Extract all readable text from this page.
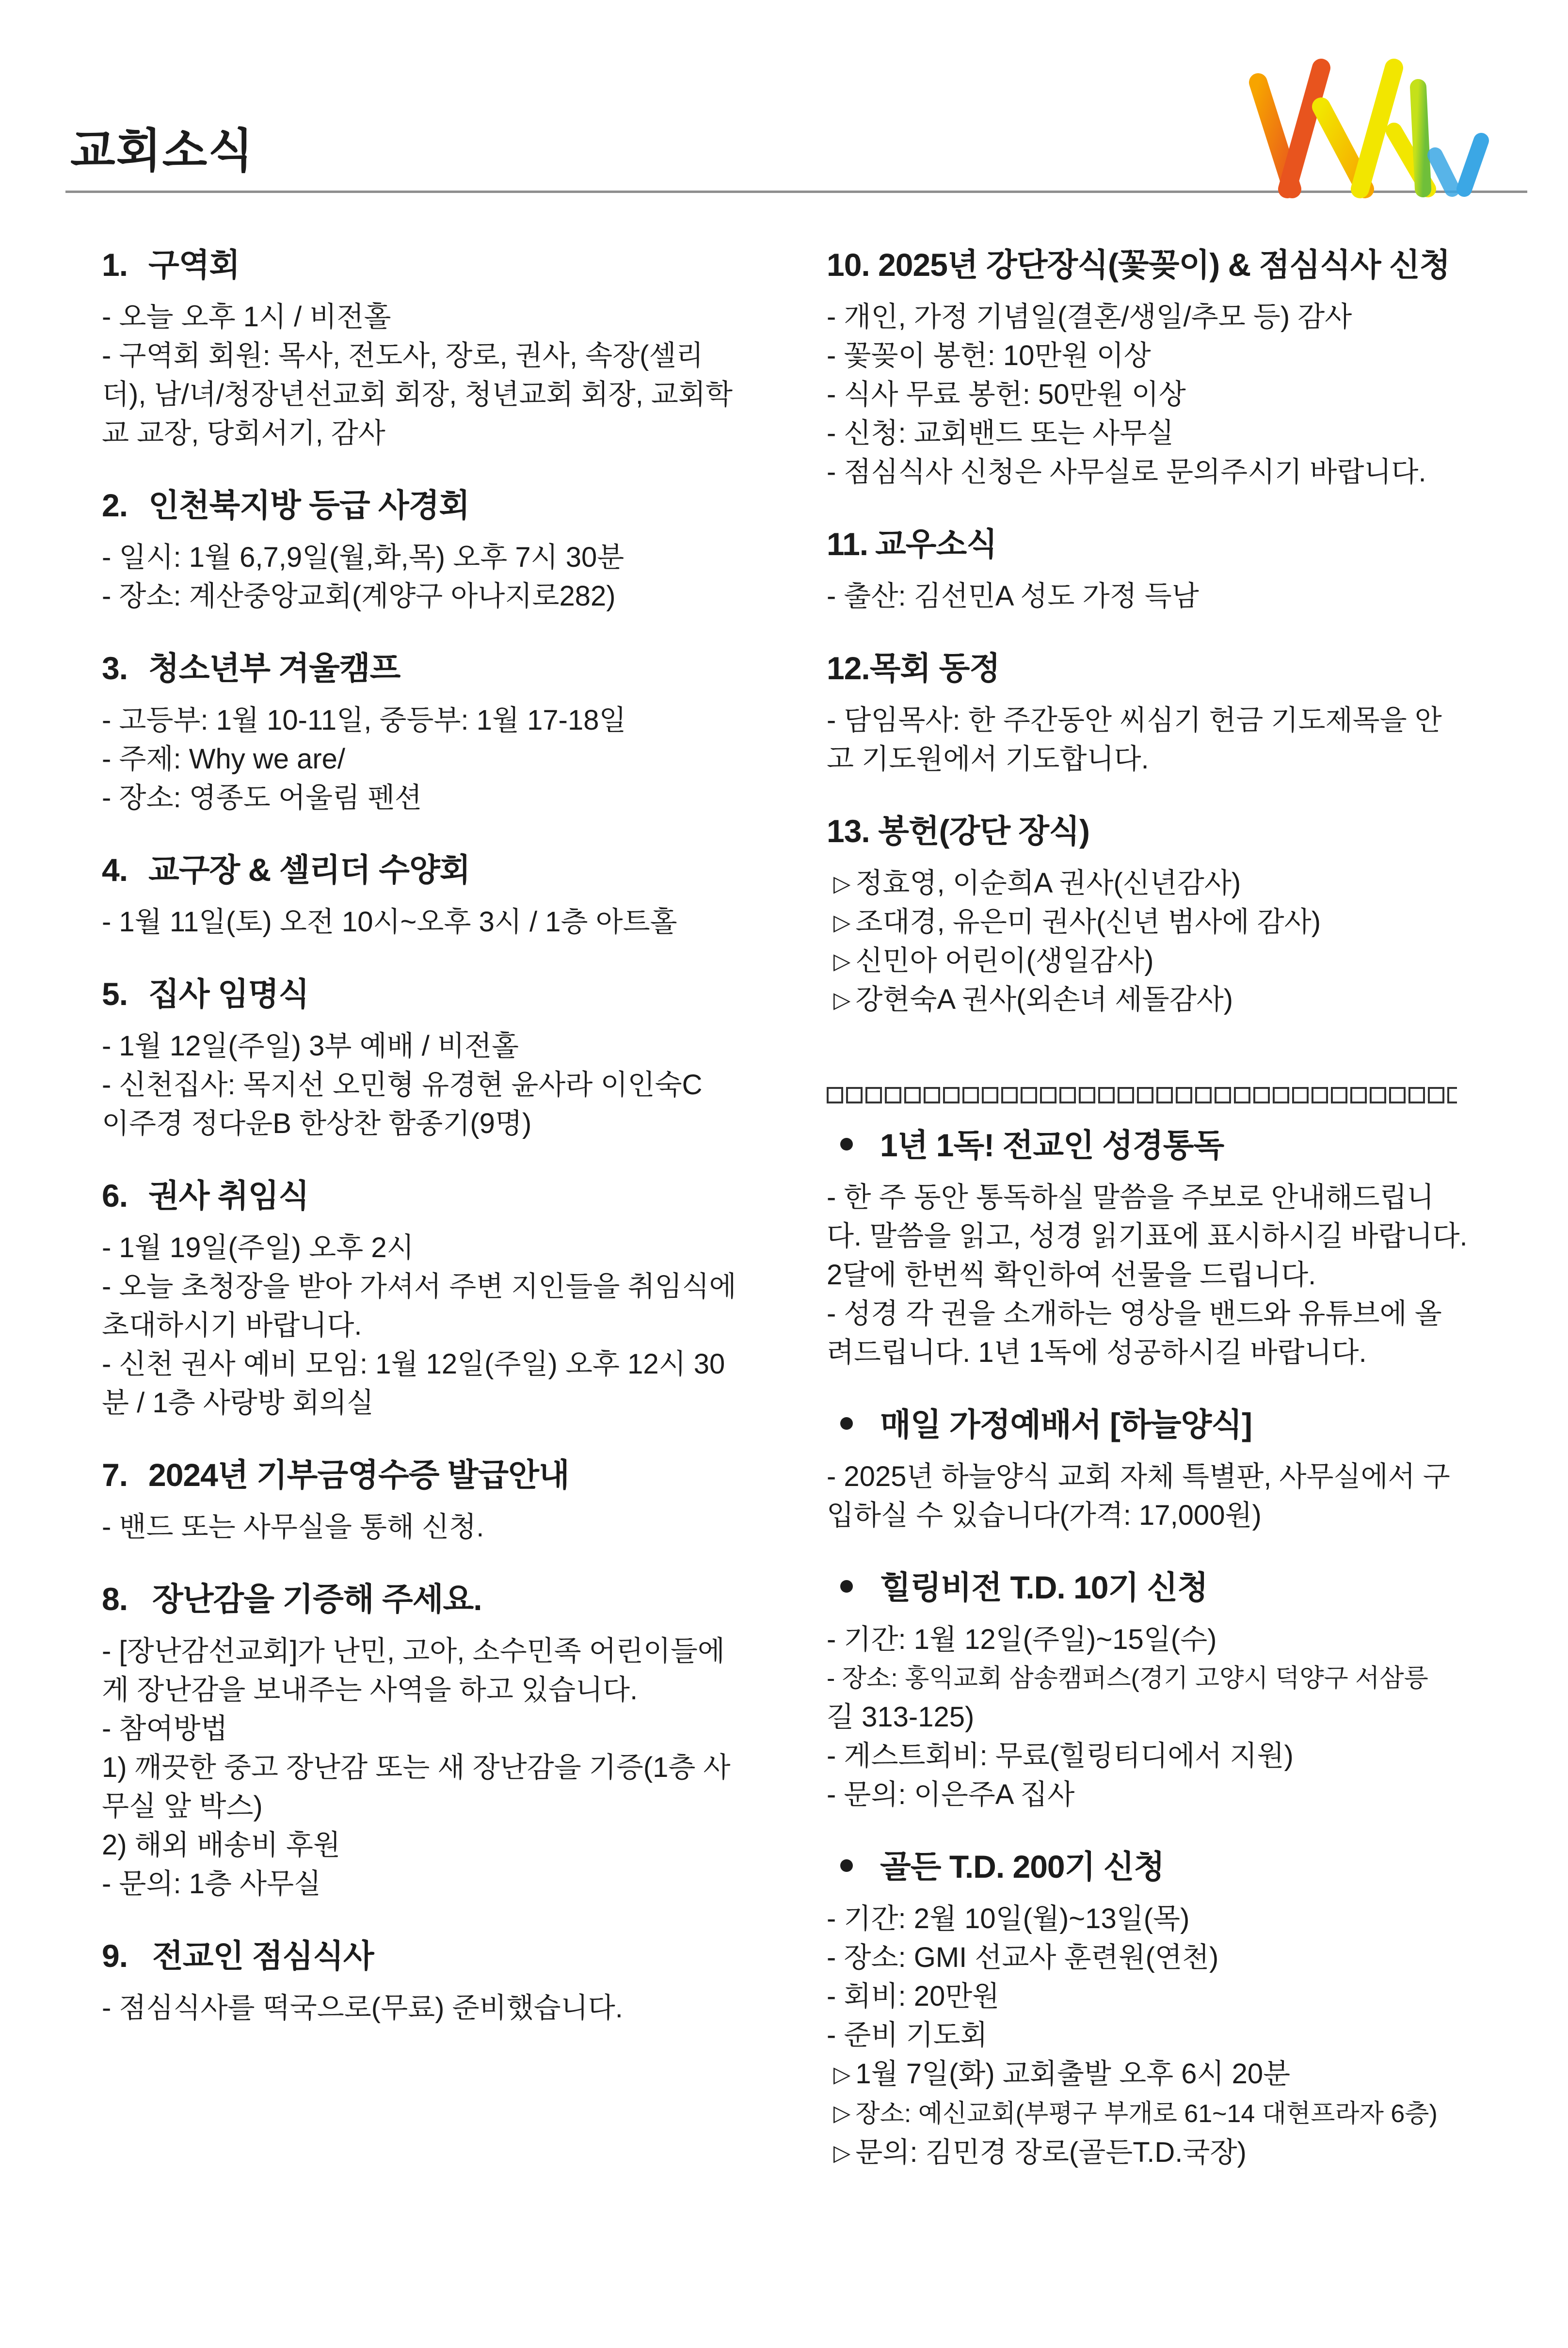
교회소식
1. 구역회
- 오늘 오후 1시 / 비전홀
- 구역회 회원: 목사, 전도사, 장로, 권사, 속장(셀리
더), 남/녀/청장년선교회 회장, 청년교회 회장, 교회학
교 교장, 당회서기, 감사
2. 인천북지방 등급 사경회
- 일시: 1월 6,7,9일(월,화,목) 오후 7시 30분
- 장소: 계산중앙교회(계양구 아나지로282)
3. 청소년부 겨울캠프
- 고등부: 1월 10-11일, 중등부: 1월 17-18일
- 주제: Why we are/
- 장소: 영종도 어울림 펜션
4. 교구장 & 셀리더 수양회
- 1월 11일(토) 오전 10시~오후 3시 / 1층 아트홀
5. 집사 임명식
- 1월 12일(주일) 3부 예배 / 비전홀
- 신천집사: 목지선 오민형 유경현 윤사라 이인숙C
이주경 정다운B 한상찬 함종기(9명)
6. 권사 취임식
- 1월 19일(주일) 오후 2시
- 오늘 초청장을 받아 가셔서 주변 지인들을 취임식에
초대하시기 바랍니다.
- 신천 권사 예비 모임: 1월 12일(주일) 오후 12시 30
분 / 1층 사랑방 회의실
7. 2024년 기부금영수증 발급안내
- 밴드 또는 사무실을 통해 신청.
8. 장난감을 기증해 주세요.
- [장난감선교회]가 난민, 고아, 소수민족 어린이들에
게 장난감을 보내주는 사역을 하고 있습니다.
- 참여방법
1) 깨끗한 중고 장난감 또는 새 장난감을 기증(1층 사
무실 앞 박스)
2) 해외 배송비 후원
- 문의: 1층 사무실
9. 전교인 점심식사
- 점심식사를 떡국으로(무료) 준비했습니다.
10. 2025년 강단장식(꽃꽂이) & 점심식사 신청
- 개인, 가정 기념일(결혼/생일/추모 등) 감사
- 꽃꽂이 봉헌: 10만원 이상
- 식사 무료 봉헌: 50만원 이상
- 신청: 교회밴드 또는 사무실
- 점심식사 신청은 사무실로 문의주시기 바랍니다.
11. 교우소식
- 출산: 김선민A 성도 가정 득남
12.목회 동정
- 담임목사: 한 주간동안 씨심기 헌금 기도제목을 안
고 기도원에서 기도합니다.
13. 봉헌(강단 장식)
▷ 정효영, 이순희A 권사(신년감사)
▷ 조대경, 유은미 권사(신년 범사에 감사)
▷ 신민아 어린이(생일감사)
▷ 강현숙A 권사(외손녀 세돌감사)
1년 1독! 전교인 성경통독
- 한 주 동안 통독하실 말씀을 주보로 안내해드립니
다. 말씀을 읽고, 성경 읽기표에 표시하시길 바랍니다.
2달에 한번씩 확인하여 선물을 드립니다.
- 성경 각 권을 소개하는 영상을 밴드와 유튜브에 올
려드립니다. 1년 1독에 성공하시길 바랍니다.
매일 가정예배서 [하늘양식]
- 2025년 하늘양식 교회 자체 특별판, 사무실에서 구
입하실 수 있습니다(가격: 17,000원)
힐링비전 T.D. 10기 신청
- 기간: 1월 12일(주일)~15일(수)
- 장소: 홍익교회 삼송캠퍼스(경기 고양시 덕양구 서삼릉
길 313-125)
- 게스트회비: 무료(힐링티디에서 지원)
- 문의: 이은주A 집사
골든 T.D. 200기 신청
- 기간: 2월 10일(월)~13일(목)
- 장소: GMI 선교사 훈련원(연천)
- 회비: 20만원
- 준비 기도회
▷ 1월 7일(화) 교회출발 오후 6시 20분
▷ 장소: 예신교회(부평구 부개로 61~14 대현프라자 6층)
▷ 문의: 김민경 장로(골든T.D.국장)
